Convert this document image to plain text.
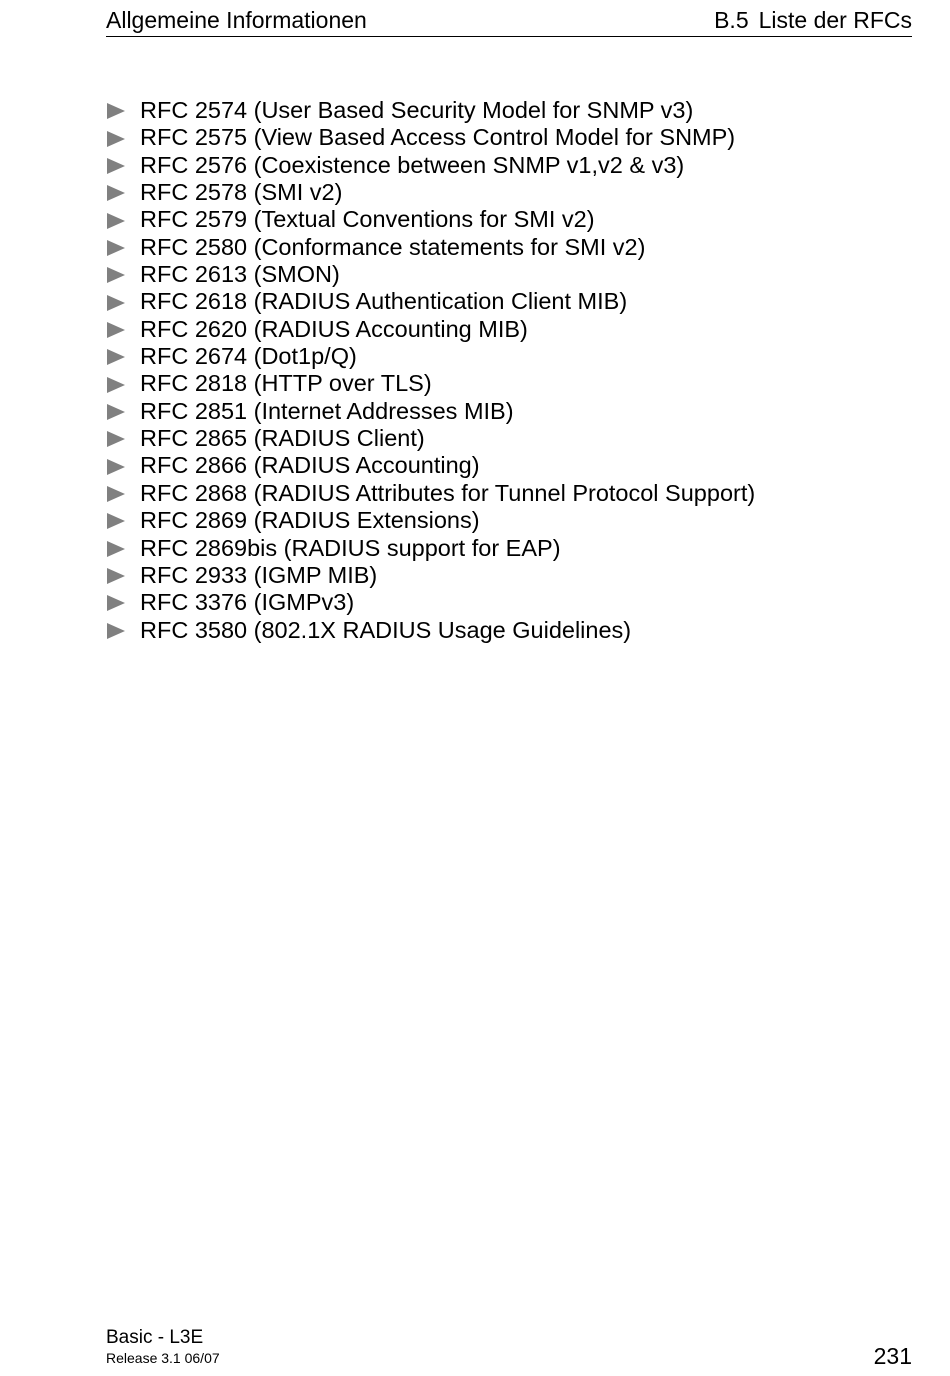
Allgemeine Informationen	B.5 Liste der RFCs
RFC 2574 (User Based Security Model for SNMP v3)
RFC 2575 (View Based Access Control Model for SNMP)
RFC 2576 (Coexistence between SNMP v1,v2 & v3)
RFC 2578 (SMI v2)
RFC 2579 (Textual Conventions for SMI v2)
RFC 2580 (Conformance statements for SMI v2)
RFC 2613 (SMON)
RFC 2618 (RADIUS Authentication Client MIB)
RFC 2620 (RADIUS Accounting MIB)
RFC 2674 (Dot1p/Q)
RFC 2818 (HTTP over TLS)
RFC 2851 (Internet Addresses MIB)
RFC 2865 (RADIUS Client)
RFC 2866 (RADIUS Accounting)
RFC 2868 (RADIUS Attributes for Tunnel Protocol Support)
RFC 2869 (RADIUS Extensions)
RFC 2869bis (RADIUS support for EAP)
RFC 2933 (IGMP MIB)
RFC 3376 (IGMPv3)
RFC 3580 (802.1X RADIUS Usage Guidelines)
Basic - L3E
Release 3.1 06/07	231
